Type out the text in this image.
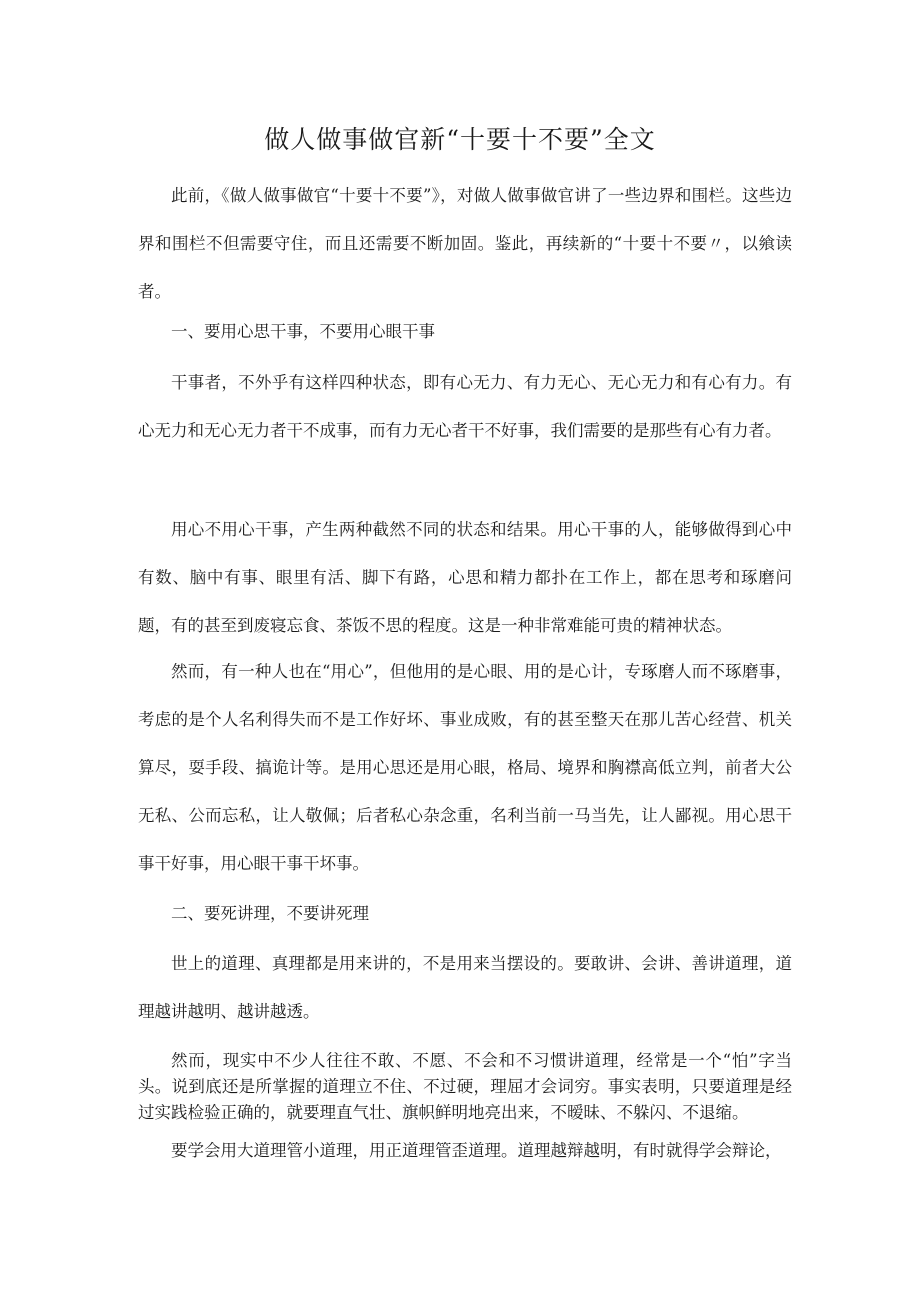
做人做事做官新“十要十不要”全文

此前，《做人做事做官“十要十不要”》，对做人做事做官讲了一些边界和围栏。这些边界和围栏不但需要守住，而且还需要不断加固。鉴此，再续新的“十要十不要〃，以飨读者。

一、要用心思干事，不要用心眼干事

干事者，不外乎有这样四种状态，即有心无力、有力无心、无心无力和有心有力。有心无力和无心无力者干不成事，而有力无心者干不好事，我们需要的是那些有心有力者。

用心不用心干事，产生两种截然不同的状态和结果。用心干事的人，能够做得到心中有数、脑中有事、眼里有活、脚下有路，心思和精力都扑在工作上，都在思考和琢磨问题，有的甚至到废寝忘食、茶饭不思的程度。这是一种非常难能可贵的精神状态。

然而，有一种人也在“用心”，但他用的是心眼、用的是心计，专琢磨人而不琢磨事，考虑的是个人名利得失而不是工作好坏、事业成败，有的甚至整天在那儿苦心经营、机关算尽，耍手段、搞诡计等。是用心思还是用心眼，格局、境界和胸襟高低立判，前者大公无私、公而忘私，让人敬佩；后者私心杂念重，名利当前一马当先，让人鄙视。用心思干事干好事，用心眼干事干坏事。

二、要死讲理，不要讲死理

世上的道理、真理都是用来讲的，不是用来当摆设的。要敢讲、会讲、善讲道理，道理越讲越明、越讲越透。

然而，现实中不少人往往不敢、不愿、不会和不习惯讲道理，经常是一个“怕”字当头。说到底还是所掌握的道理立不住、不过硬，理屈才会词穷。事实表明，只要道理是经过实践检验正确的，就要理直气壮、旗帜鲜明地亮出来，不暧昧、不躲闪、不退缩。

要学会用大道理管小道理，用正道理管歪道理。道理越辩越明，有时就得学会辩论，
